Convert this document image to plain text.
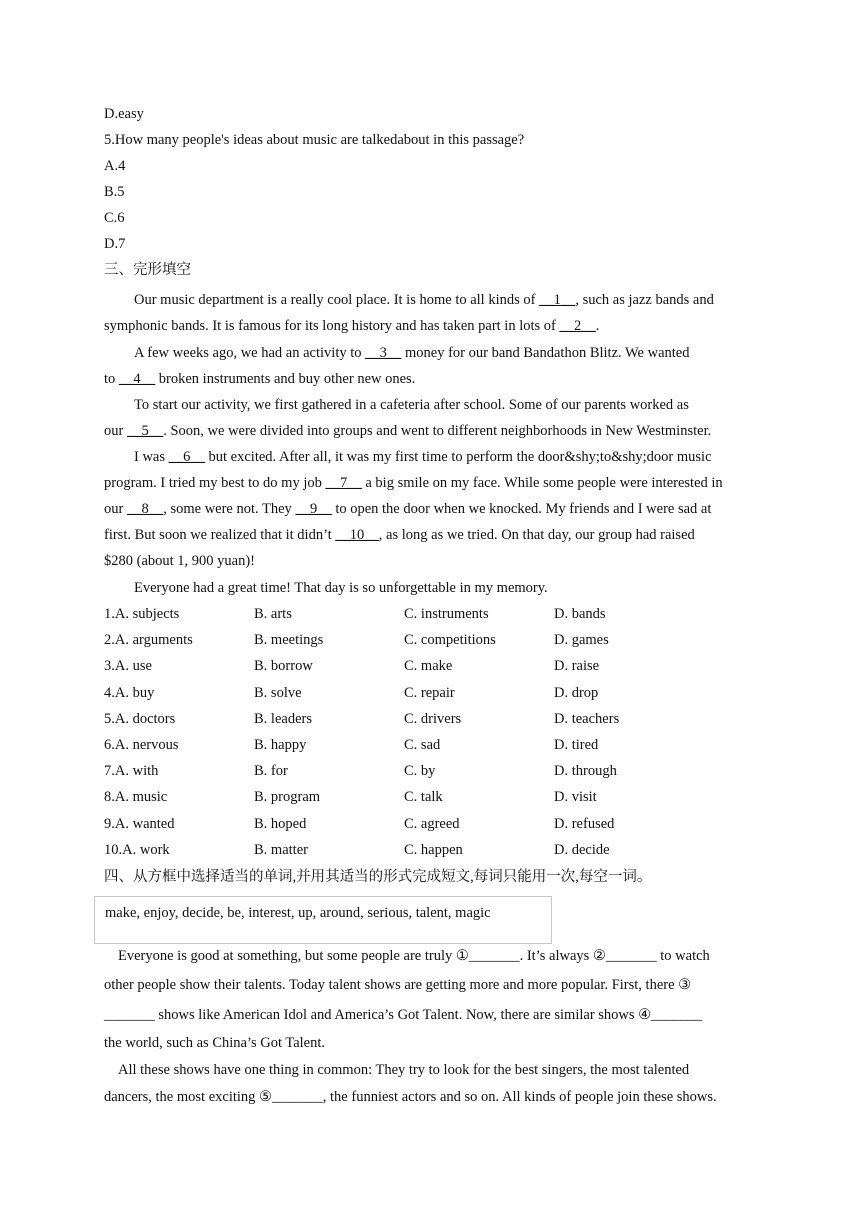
D.easy
5.How many people's ideas about music are talkedabout in this passage?
A.4
B.5
C.6
D.7
三、完形填空
Our music department is a really cool place. It is home to all kinds of __1__, such as jazz bands and
symphonic bands. It is famous for its long history and has taken part in lots of __2__.
A few weeks ago, we had an activity to __3__ money for our band Bandathon Blitz. We wanted
to __4__ broken instruments and buy other new ones.
To start our activity, we first gathered in a cafeteria after school. Some of our parents worked as
our __5__. Soon, we were divided into groups and went to different neighborhoods in New Westminster.
I was __6__ but excited. After all, it was my first time to perform the door&shy;to&shy;door music
program. I tried my best to do my job __7__ a big smile on my face. While some people were interested in
our __8__, some were not. They __9__ to open the door when we knocked. My friends and I were sad at
first. But soon we realized that it didn’t __10__, as long as we tried. On that day, our group had raised
$280 (about 1, 900 yuan)!
Everyone had a great time! That day is so unforgettable in my memory.
1.A. subjects	B. arts	C. instruments	D. bands
2.A. arguments	B. meetings	C. competitions	D. games
3.A. use	B. borrow	C. make	D. raise
4.A. buy	B. solve	C. repair	D. drop
5.A. doctors	B. leaders	C. drivers	D. teachers
6.A. nervous	B. happy	C. sad	D. tired
7.A. with	B. for	C. by	D. through
8.A. music	B. program	C. talk	D. visit
9.A. wanted	B. hoped	C. agreed	D. refused
10.A. work	B. matter	C. happen	D. decide
四、从方框中选择适当的单词,并用其适当的形式完成短文,每词只能用一次,每空一词。
make, enjoy, decide, be, interest, up, around, serious, talent, magic
Everyone is good at something, but some people are truly ①_______. It’s always ②_______ to watch
other people show their talents. Today talent shows are getting more and more popular. First, there ③
_______ shows like American Idol and America’s Got Talent. Now, there are similar shows ④_______
the world, such as China’s Got Talent.
All these shows have one thing in common: They try to look for the best singers, the most talented
dancers, the most exciting ⑤_______, the funniest actors and so on. All kinds of people join these shows.
